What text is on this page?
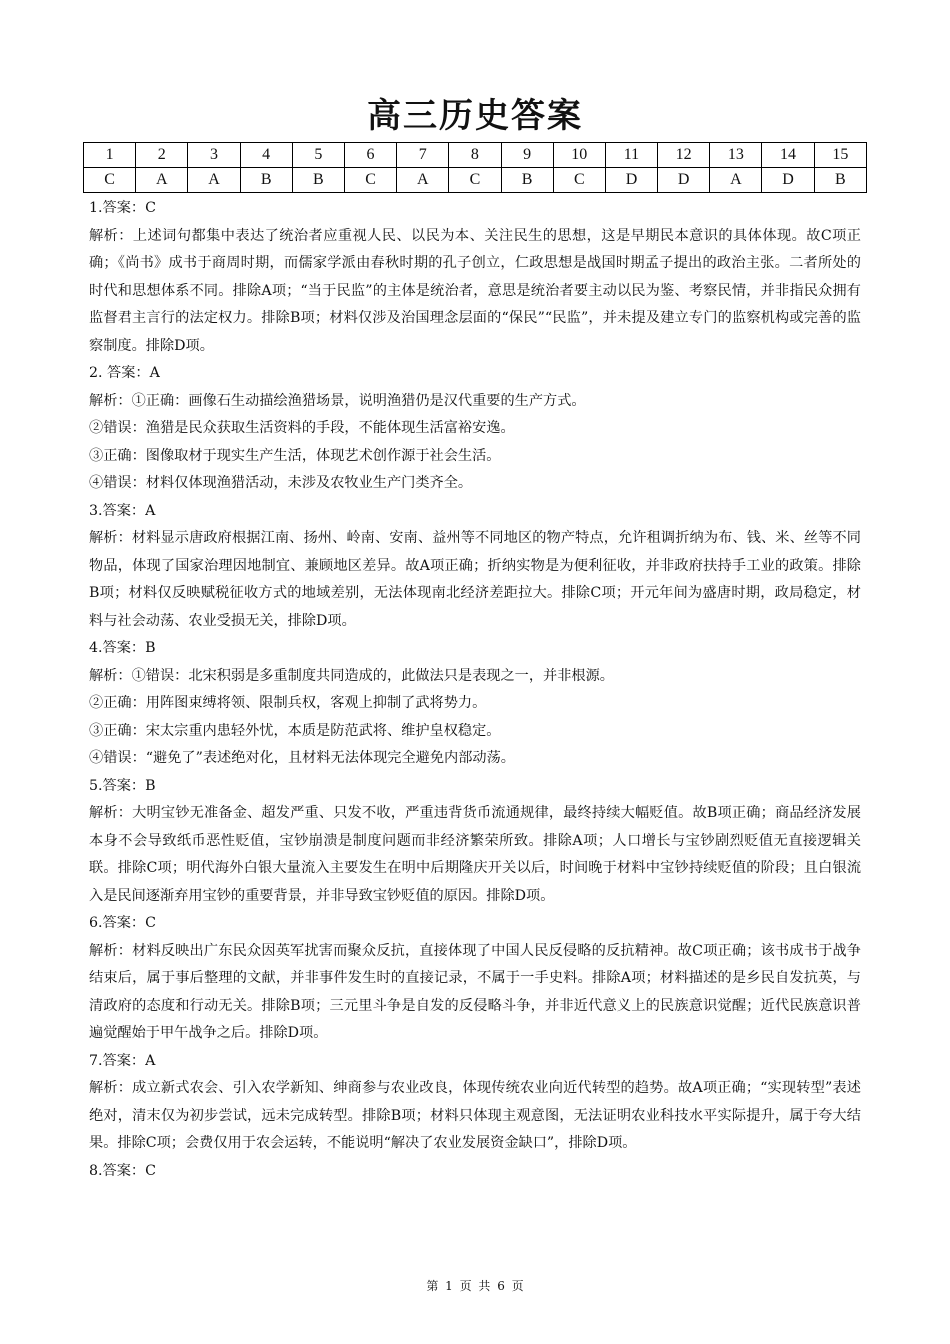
高三历史答案
1	2	3	4	5	6	7	8	9	10	11	12	13	14	15
C	A	A	B	B	C	A	C	B	C	D	D	A	D	B

1.答案：C

解析：上述词句都集中表达了统治者应重视人民、以民为本、关注民生的思想，这是早期民本意识的具体体现。故C项正确；《尚书》成书于商周时期，而儒家学派由春秋时期的孔子创立，仁政思想是战国时期孟子提出的政治主张。二者所处的时代和思想体系不同。排除A项；“当于民监”的主体是统治者，意思是统治者要主动以民为鉴、考察民情，并非指民众拥有监督君主言行的法定权力。排除B项；材料仅涉及治国理念层面的“保民”“民监”，并未提及建立专门的监察机构或完善的监察制度。排除D项。

2. 答案：A

解析：①正确：画像石生动描绘渔猎场景，说明渔猎仍是汉代重要的生产方式。

②错误：渔猎是民众获取生活资料的手段，不能体现生活富裕安逸。

③正确：图像取材于现实生产生活，体现艺术创作源于社会生活。

④错误：材料仅体现渔猎活动，未涉及农牧业生产门类齐全。

3.答案：A

解析：材料显示唐政府根据江南、扬州、岭南、安南、益州等不同地区的物产特点，允许租调折纳为布、钱、米、丝等不同物品，体现了国家治理因地制宜、兼顾地区差异。故A项正确；折纳实物是为便利征收，并非政府扶持手工业的政策。排除B项；材料仅反映赋税征收方式的地域差别，无法体现南北经济差距拉大。排除C项；开元年间为盛唐时期，政局稳定，材料与社会动荡、农业受损无关，排除D项。

4.答案：B

解析：①错误：北宋积弱是多重制度共同造成的，此做法只是表现之一，并非根源。

②正确：用阵图束缚将领、限制兵权，客观上抑制了武将势力。

③正确：宋太宗重内患轻外忧，本质是防范武将、维护皇权稳定。

④错误：“避免了”表述绝对化，且材料无法体现完全避免内部动荡。

5.答案：B

解析：大明宝钞无准备金、超发严重、只发不收，严重违背货币流通规律，最终持续大幅贬值。故B项正确；商品经济发展本身不会导致纸币恶性贬值，宝钞崩溃是制度问题而非经济繁荣所致。排除A项；人口增长与宝钞剧烈贬值无直接逻辑关联。排除C项；明代海外白银大量流入主要发生在明中后期隆庆开关以后，时间晚于材料中宝钞持续贬值的阶段；且白银流入是民间逐渐弃用宝钞的重要背景，并非导致宝钞贬值的原因。排除D项。

6.答案：C

解析：材料反映出广东民众因英军扰害而聚众反抗，直接体现了中国人民反侵略的反抗精神。故C项正确；该书成书于战争结束后，属于事后整理的文献，并非事件发生时的直接记录，不属于一手史料。排除A项；材料描述的是乡民自发抗英，与清政府的态度和行动无关。排除B项；三元里斗争是自发的反侵略斗争，并非近代意义上的民族意识觉醒；近代民族意识普遍觉醒始于甲午战争之后。排除D项。

7.答案：A

解析：成立新式农会、引入农学新知、绅商参与农业改良，体现传统农业向近代转型的趋势。故A项正确；“实现转型”表述绝对，清末仅为初步尝试，远未完成转型。排除B项；材料只体现主观意图，无法证明农业科技水平实际提升，属于夸大结果。排除C项；会费仅用于农会运转，不能说明“解决了农业发展资金缺口”，排除D项。

8.答案：C

第 1 页 共 6 页
